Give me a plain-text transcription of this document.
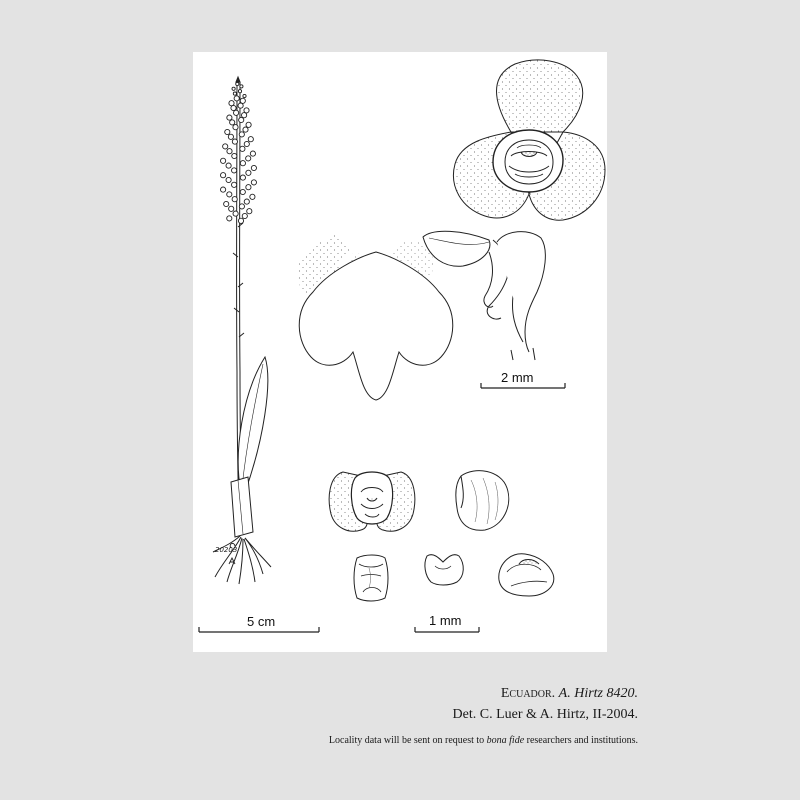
20203
5 cm
2 mm
1 mm
Ecuador. A. Hirtz 8420.
Det. C. Luer & A. Hirtz, II-2004.
Locality data will be sent on request to bona fide researchers and institutions.
